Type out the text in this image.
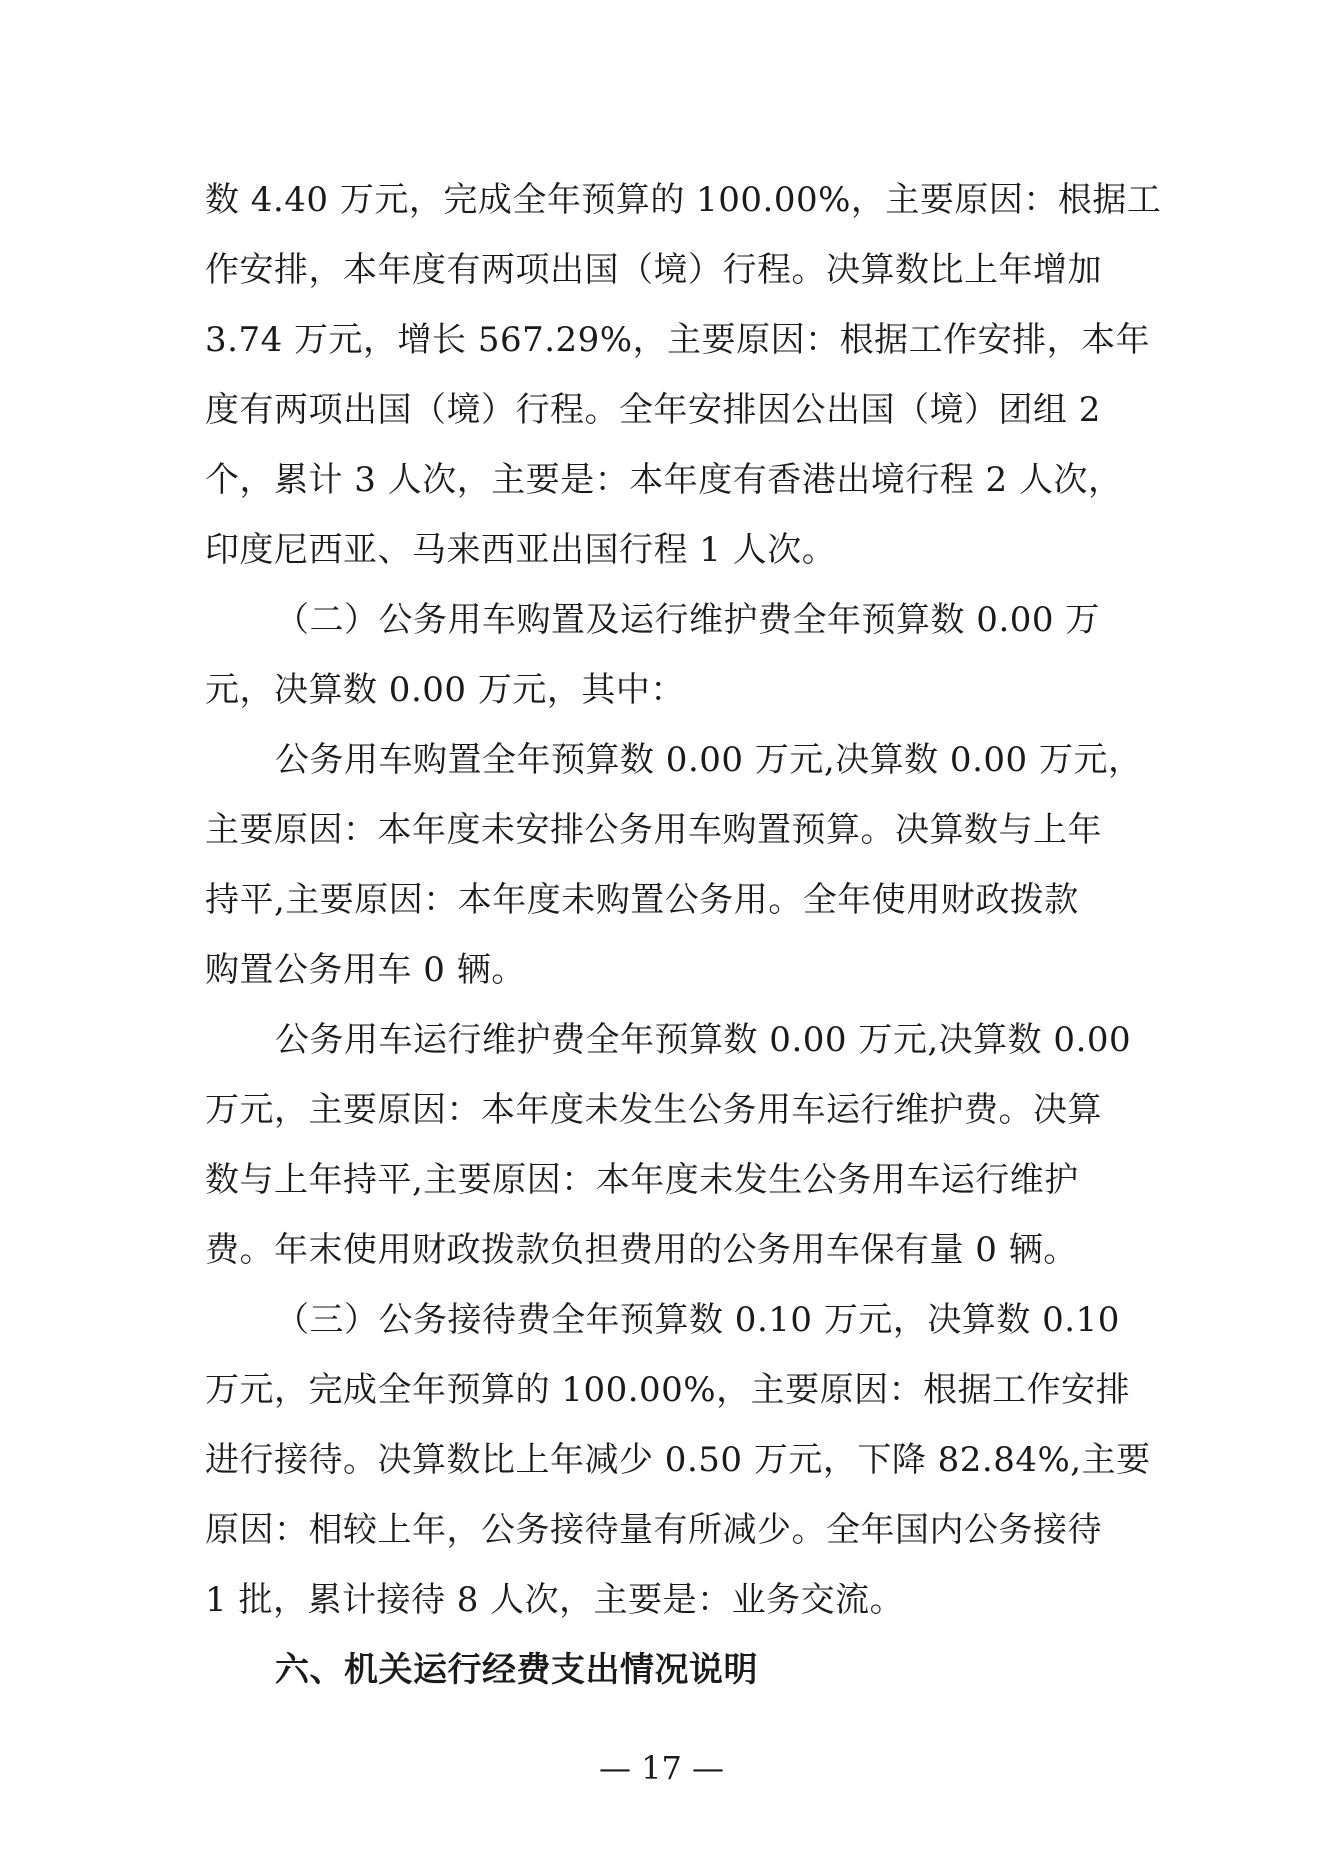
数 4.40 万元，完成全年预算的 100.00%，主要原因：根据工
作安排，本年度有两项出国（境）行程。决算数比上年增加
3.74 万元，增长 567.29%，主要原因：根据工作安排，本年
度有两项出国（境）行程。全年安排因公出国（境）团组 2
个，累计 3 人次，主要是：本年度有香港出境行程 2 人次，
印度尼西亚、马来西亚出国行程 1 人次。
（二）公务用车购置及运行维护费全年预算数 0.00 万
元，决算数 0.00 万元，其中：
公务用车购置全年预算数 0.00 万元,决算数 0.00 万元，
主要原因：本年度未安排公务用车购置预算。决算数与上年
持平,主要原因：本年度未购置公务用。全年使用财政拨款
购置公务用车 0 辆。
公务用车运行维护费全年预算数 0.00 万元,决算数 0.00
万元，主要原因：本年度未发生公务用车运行维护费。决算
数与上年持平,主要原因：本年度未发生公务用车运行维护
费。年末使用财政拨款负担费用的公务用车保有量 0 辆。
（三）公务接待费全年预算数 0.10 万元，决算数 0.10
万元，完成全年预算的 100.00%，主要原因：根据工作安排
进行接待。决算数比上年减少 0.50 万元，下降 82.84%,主要
原因：相较上年，公务接待量有所减少。全年国内公务接待
1 批，累计接待 8 人次，主要是：业务交流。
六、机关运行经费支出情况说明
— 17 —
